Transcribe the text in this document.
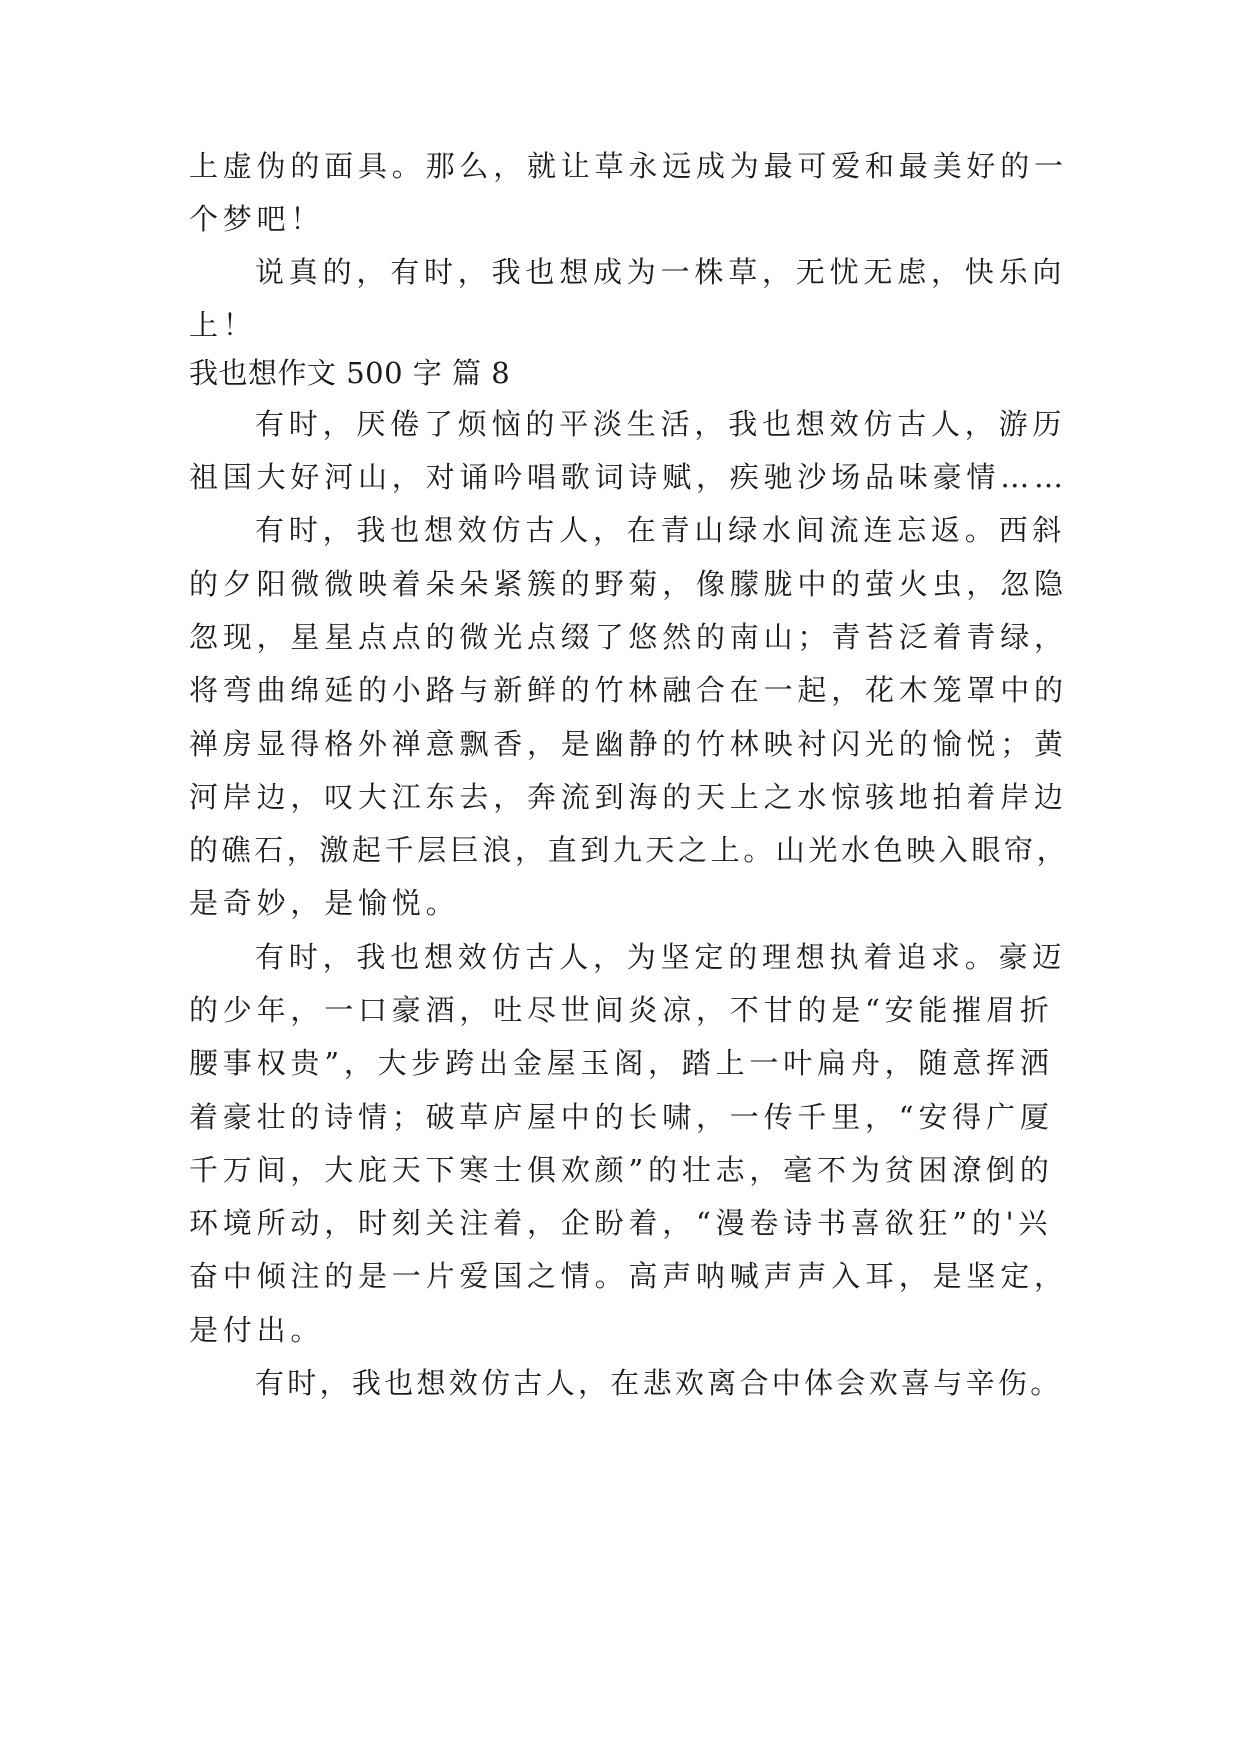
上虚伪的面具。那么，就让草永远成为最可爱和最美好的一
个梦吧！
说真的，有时，我也想成为一株草，无忧无虑，快乐向
上！
我也想作文 500 字 篇 8
有时，厌倦了烦恼的平淡生活，我也想效仿古人，游历
祖国大好河山，对诵吟唱歌词诗赋，疾驰沙场品味豪情……
有时，我也想效仿古人，在青山绿水间流连忘返。西斜
的夕阳微微映着朵朵紧簇的野菊，像朦胧中的萤火虫，忽隐
忽现，星星点点的微光点缀了悠然的南山；青苔泛着青绿，
将弯曲绵延的小路与新鲜的竹林融合在一起，花木笼罩中的
禅房显得格外禅意飘香，是幽静的竹林映衬闪光的愉悦；黄
河岸边，叹大江东去，奔流到海的天上之水惊骇地拍着岸边
的礁石，激起千层巨浪，直到九天之上。山光水色映入眼帘，
是奇妙，是愉悦。
有时，我也想效仿古人，为坚定的理想执着追求。豪迈
的少年，一口豪酒，吐尽世间炎凉，不甘的是“安能摧眉折
腰事权贵”，大步跨出金屋玉阁，踏上一叶扁舟，随意挥洒
着豪壮的诗情；破草庐屋中的长啸，一传千里，“安得广厦
千万间，大庇天下寒士俱欢颜”的壮志，毫不为贫困潦倒的
环境所动，时刻关注着，企盼着，“漫卷诗书喜欲狂”的'兴
奋中倾注的是一片爱国之情。高声呐喊声声入耳，是坚定，
是付出。
有时，我也想效仿古人，在悲欢离合中体会欢喜与辛伤。
